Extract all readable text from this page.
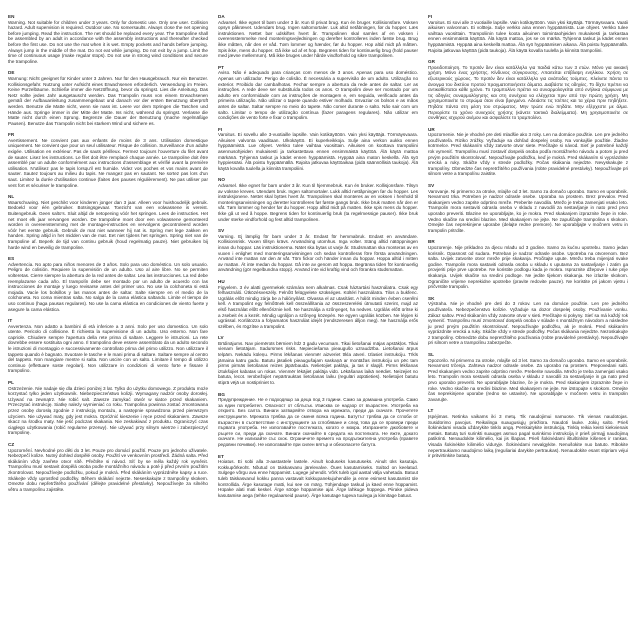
EN
Warning. Not suitable for children under 3 years. Only for domestic use. Only one user. Collision hazard. Adult supervision is required. Outdoor use. No somersaults. Always close the net opening before jumping. Read the instruction. The net should be replaced every year. The trampoline shall be assembled by an adult in accordance with the assembly instructions and thereafter checked before the first use. Do not use the mat when it is wet. Empty pockets and hands before jumping. Always jump in the middle of the mat. Do not eat while jumping. Do not exit by a jump. Limit the time of continuous usage (make regular stops). Do not use in strong wind conditions and secure the trampoline.
DE
Warnung: Nicht geeignet für Kinder unter 3 Jahren. Nur für den Hausgebrauch. Nur ein Benutzer. Kollisionsgefahr. Nutzung unter Aufsicht eines Erwachsenen erforderlich. Verwendung im Freien. Keine Purzelbäume. Schließe immer die Netzöffnung, bevor du springst. Lies die Anleitung. Das Netz sollte jedes Jahr ausgetauscht werden. Das Trampolin muss von einem Erwachsenen gemäß der Aufbauanleitung zusammengebaut und danach vor der ersten Benutzung überprüft werden. Benutze die Matte nicht, wenn sie nass ist. Leere vor dem Springen die Taschen und Hände aus. Springe immer in der Mitte der Matte. Iss nicht, während du springst. Verlasse die Matte nicht durch einen Sprung. Begrenze die Dauer der Benutzung (mache regelmäßige Pausen). Benutze das Trampolin nicht bei starkem Wind und sichere es.
FR
Avertissement. Ne convient pas aux enfants de moins de 3 ans. Utilisation domestique uniquement. Ne convient que pour un seul utilisateur. Risque de collision. Surveillance d'un adulte exigée. Utilisation en extérieur. Pas de sauts périlleux. Fermez toujours l'ouverture du filet avant de sauter. Lisez les instructions. Le filet doit être remplacé chaque année. Le trampoline doit être assemblé par un adulte conformément aux instructions d'assemblage et vérifié avant la première utilisation. N'utilisez pas le tapis lorsqu'il est humide. Videz vos poches et vos mains avant de sauter. Sautez toujours au milieu du tapis. Ne mangez pas en sautant. Ne sortez pas lors d'un saut. Limitez la durée d'utilisation continue (faites des pauses régulièrement). Ne pas utiliser par vent fort et sécuriser le trampoline.
NL
Waarschuwing. Niet geschikt voor kinderen jonger dan 3 jaar. Alleen voor huishoudelijk gebruik. Bedoeld voor één gebruiker. Botsingsgevaar. Toezicht van een volwassene is vereist. Buitengebruik. Geen salto's. Sluit altijd de netopening vóór het springen. Lees de instructies. Het net moet elk jaar vervangen worden. De trampoline moet door een volwassene gemonteerd worden in overeenstemming met de montage-instructies en vervolgens gecontroleerd worden vóór het eerste gebruik. Gebruik de mat niet wanneer hij nat is. Spring met lege zakken en handen. Spring altijd in het midden van de mat. Eet niet tijdens het springen. Spring niet van de trampoline af. Beperk de tijd van continu gebruik (houd regelmatig pauze). Niet gebruiken bij harde wind en beveilig de trampoline.
ES
Advertencia. No apto para niños menores de 3 años. Solo para uso doméstico. Un solo usuario. Peligro de colisión. Requiere la supervisión de un adulto. Uso al aire libre. No se permiten volteretas. Cierre siempre la abertura de la red antes de saltar. Lea las instrucciones. La red debe reemplazarse cada año. El trampolín debe ser montado por un adulto de acuerdo con las instrucciones de montaje y luego revisarse antes del primer uso. No use la colchoneta si está mojada. Vacíe los bolsillos y las manos antes de saltar. Salte siempre en el medio de la colchoneta. No coma mientras salta. No salga de la cama elástica saltando. Limite el tiempo de uso continuo (haga pausas regulares). No use la cama elástica en condiciones de viento fuerte y asegure la cama elástica.
IT
Avvertenza. Non adatto a bambini di età inferiore a 3 anni. Solo per uso domestico. Un solo utente. Pericolo di collisione. È richiesta la supervisione di un adulto. Uso esterno. Non fare capriole. Chiudere sempre l'apertura della rete prima di saltare. Leggere le istruzioni. La rete dovrebbe essere sostituita ogni anno. Il trampolino deve essere assemblato da un adulto secondo le istruzioni di montaggio e successivamente controllato prima del primo utilizzo. Non utilizzare il tappeto quando è bagnato. Svuotare le tasche e le mani prima di saltare. Saltare sempre al centro del tappeto. Non mangiare mentre si salta. Non uscire con un salto. Limitare il tempo di utilizzo continuo (effettuare soste regolari). Non utilizzare in condizioni di vento forte e fissare il trampolino.
PL
Ostrzeżenie. Nie nadaje się dla dzieci poniżej 3 lat. Tylko do użytku domowego. Z produktu może korzystać tylko jeden użytkownik. Niebezpieczeństwo kolizji. Wymagany nadzór osoby dorosłej. Używać na zewnątrz. Nie robić salt. Zawsze zamykać otwór w siatce przed skakaniem. Przeczytać instrukcję. Siatkę należy wymieniać co roku. Trampolina powinna zostać zmontowana przez osobę dorosłą zgodnie z instrukcją montażu, a następnie sprawdzona przed pierwszym użyciem. Nie używać maty, gdy jest mokra. Opróżnić kieszenie i ręce przed skakaniem. Zawsze skacz na środku maty. Nie jeść podczas skakania. Nie zeskakiwać z produktu. Ograniczyć czas ciągłego użytkowania (robić regularne przerwy). Nie używać przy silnym wietrze i zabezpieczyć trampolinę.
CZ
Upozornění. Nevhodné pro děti do 3 let. Pouze pro domácí použití. Pouze pro jednoho uživatele. Nebezpečí kolize. Nutný dohled dospělé osoby. Použití ve venkovním prostředí. Žádná salta. Před skákáním vždy zavřete otvor sítě. Přečtěte si návod. Síť by se měla každý rok vyměnit. Trampolínu musí sestavit dospělá osoba podle montážního návodu a poté ji před prvním použitím zkontrolovat. Nepoužívejte podložku, pokud je mokrá. Před skákáním vyprázdněte kapsy a ruce. Skákejte vždy uprostřed podložky. Během skákání nejezte. Neseskakujte z trampolíny skokem. Omezte dobu nepřetržitého používání (dělejte pravidelné přestávky). Nepoužívejte za silného větru a trampolínu zajistěte.
DA
Advarsel. Ikke egnet til børn under 3 år. Kun til privat brug. Kun én bruger. Kollisionsfare. Voksen opsyn påkrævet. Udendørs brug. Ingen saltomortaler. Luk altid netåbningen, før du hopper. Læs instruktionen. Nettet bør udskiftes hvert år. Trampolinen skal samles af en voksen i overensstemmelse med monteringsvejledningen og derefter kontrolleres inden første brug. Brug ikke måtten, når den er våd. Tøm lommer og hænder, før du hopper. Hop altid midt på måtten. Spis ikke, mens du hopper. Gå ikke ud af et hop. Begræns tiden for kontinuerlig brug (hold pauser med jævne mellemrum). Må ikke bruges under hårde vindforhold og sikre trampolinen.
PT
Aviso. Não é adequado para crianças com menos de 3 anos. Apenas para uso doméstico. Apenas um utilizador. Perigo de colisão. É necessária a supervisão de um adulto. Utilização no exterior. Proibido dar cambalhotas. Fechar sempre a abertura da rede antes de saltar. Ler as instruções. A rede deve ser substituída todos os anos. O trampolim deve ser montado por um adulto em conformidade com as instruções de montagem e, em seguida, verificado antes da primeira utilização. Não utilizar o tapete quando estiver molhado. Esvaziar os bolsos e as mãos antes de saltar. Saltar sempre no meio do tapete. Não comer durante o salto. Não sair com um salto. Limitar o tempo de utilização contínua (fazer paragens regulares). Não utilizar em condições de vento forte e fixar o trampolim.
FI
Varoitus. Ei sovellu alle 3-vuotiaille lapsille. Vain kotikäyttöön. Vain yksi käyttäjä. Törmäysvaara. Aikuisen valvonta vaaditaan. Ulkokäyttö. Ei kuperkeikkoja. Sulje aina verkon aukko ennen hyppäämistä. Lue ohjeet. Verkko tulee vaihtaa vuosittain. Aikuisen on koottava trampoliini asennusohjeiden mukaisesti ja tarkastettava ennen ensimmäistä käyttöä. Älä käytä mattoa märkänä. Tyhjennä taskut ja kädet ennen hyppäämistä. Hyppää aina maton keskellä. Älä syö hyppiessäsi. Älä poistu hyppäämällä. Rajoita jatkuvaa käyttöaikaa (pidä säännöllisiä taukoja). Älä käytä kovalla tuulella ja kiinnitä trampoliini.
NO
Advarsel. Ikke egnet for barn under 3 år. Kun til hjemmebruk. Kun én bruker. Kollisjonsfare. Tilsyn av voksne kreves. Utendørs bruk. Ingen saltomortaler. Lukk alltid nettåpningen før du hopper. Les instruksjonene. Nettet skal byttes hvert år. Trampolinen skal monteres av en voksen i henhold til monteringsanvisningen og deretter kontrolleres før første gangs bruk. Ikke bruk matten når den er våt. Tøm lommer og hender før du hopper. Hopp alltid midt på matten. Ikke spis mens du hopper. Ikke gå ut ved å hoppe. Begrens tiden for kontinuerlig bruk (ta regelmessige pauser). Ikke bruk under sterke vindforhold og fest alltid trampolinen.
SV
Varning. Ej lämplig för barn under 3 år. Endast för hemmabruk. Endast en användare. Kollisionsrisk. Vuxen tillsyn krävs. Användning utomhus. Inga volter. Stäng alltid nätöppningen innan du hoppar. Läs instruktionerna. Nätet ska bytas ut varje år. Studsmattan ska monteras av en vuxen i enlighet med monteringsanvisningen och sedan kontrolleras före första användningen. Använd inte mattan när den är våt. Töm fickor och händer innan du hoppar. Hoppa alltid i mitten av mattan. Ät inte medan du hoppar. Gå inte av genom att hoppa. Begränsa tiden för kontinuerlig användning (gör regelbundna stopp). Använd inte vid kraftig vind och förankra studsmattan.
HU
Figyelem. 3 év alatti gyermekek számára nem alkalmas. Csak háztartási használatra. Csak egy felhasználó. Ütközésveszély. Felnőtt felügyelete szükséges. Kültéri használatra. Tilos a bukfenc. Ugrálás előtt mindig zárja be a hálónyílást. Olvassa el az utasítást. A hálót minden évben cserélni kell. A trampolint egy felnőttnek kell összeállítania az összeszerelési útmutató szerint, majd az első használat előtt ellenőriznie kell. Ne használja a szőnyeget, ha nedves. Ugrálás előtt ürítse ki a zsebeit és a kezét. Mindig ugráljon a szőnyeg közepén. Ne egyen ugrálás közben. Ne lépjen ki ugrással. Korlátozza a folyamatos használat idejét (rendszeresen álljon meg). Ne használja erős szélben, és rögzítse a trampolint.
LV
Brīdinājums. Nav piemērots bērniem līdz 3 gadu vecumam. Tikai lietošanai mājas apstākļos. Tikai vienam lietotājam. Sadursmes risks. Nepieciešama pieaugušo uzraudzība. Lietošanai ārpus telpām. Nekādu kūleņu. Pirms lēkšanas vienmēr aizveriet tīkla atveri. Izlasiet instrukciju. Tīkls jāmaina katru gadu. Batutu jāsaliek pieaugušajam saskaņā ar montāžas instrukciju un pēc tam pirms pirmās lietošanas reizes jāpārbauda. Nelietojiet paklāju, ja tas ir slapjš. Pirms lēkšanas iztukšojiet kabatas un rokas. Vienmēr lēkājiet paklāja vidū. Lēkāšanas laikā neēdiet. Neizejiet no batuta, lecot. Ierobežojiet nepārtrauktas lietošanas laiku (regulāri atpūtieties). Nelietojiet batutu stiprā vējā un nostipriniet to.
BG
Предупреждение. Не е подходящо за деца под 3 години. Само за домашна употреба. Само за един потребител. Опасност от сблъсък. Изисква се надзор от възрастен. Употреба на открито. Без салта. Винаги затваряйте отвора на мрежата, преди да скачате. Прочетете инструкциите. Мрежата трябва да се сменя всяка година. Батутът трябва да се сглоби от възрастен в съответствие с инструкциите за сглобяване и след това да се провери преди първата употреба. Не използвайте постелката, когато е мокра. Изпразнете джобовете и ръцете си, преди да скачате. Винаги скачайте в средата на постелката. Не яжте, докато скачате. Не излизайте със скок. Ограничете времето на продължителна употреба (правете редовни почивки). Не използвайте при силен вятър и обезопасете батута.
ET
Hoiatus. Ei sobi alla 3-aastastele lastele. Ainult koduseks kasutuseks. Ainult üks kasutaja. Kokkupõrkeoht. Nõutud on täiskasvanu järelevalve. Õues kasutamiseks. Saltod on keelatud. Sulgege võrgu ava enne hüppamist. Lugege juhendit. Võrk tuleb igal aastal välja vahetada. Batuut tuleb täiskasvanul kokku panna vastavalt kokkupanekujuhendile ja enne esimest kasutamist üle kontrollida. Ärge kasutage matti, kui see on märg. Tühjendage taskud ja käed enne hüppamist. Hüpake alati mati keskel. Ärge sööge hüppamise ajal. Ärge lahkuge hüppega. Piirake pideva kasutamise aega (tehke regulaarseid pause). Ärge kasutage tugeva tuulega ja kinnitage batuut.
FI
Varoitus. Ei sovi alle 3 vuotiaille lapsille. Vain kotikäyttöön. Vain yksi käyttäjä. Törmäysvaara. Vaatii aikuisen valvonnan. Ei voltteja. Sulje verkko aina ennen hyppäämistä. Lue ohjeet. Verkko tulee vaihtaa vuosittain. Trampoliinin tulee koota aikuinen toimintaohjeiden mukaisesti ja tarkastaa ennen ensimmäistä käyttöä. Älä käytä mattoa, jos se on märkä. Tyhjennä taskut ja kädet ennen hyppäämistä. Hyppää aina keskellä mattoa. Älä syö hyppäämisen aikana. Älä poistu hyppäämällä. Rajoita jatkuvaa käyttöä (pidä taukoja). Älä käytä kovalla tuulella ja kiinnitä trampoliini.
GR
Προειδοποίηση. Το προϊόν δεν είναι κατάλληλο για παιδιά κάτω των 3 ετών. Μόνο για οικιακή χρήση. Μόνο ένας χρήστης. Κίνδυνος σύγκρουσης. Απαιτείται επίβλεψη ενηλίκου. Χρήση σε εξωτερικούς χώρους. Το προϊόν δεν είναι κατάλληλο για ανάποδες τούμπες. Κλείνετε πάντα το άνοιγμα του δικτύου προτού πραγματοποιήσετε άλματα. Διαβάστε τις οδηγίες. Το δίχτυ πρέπει να αντικαθίσταται κάθε χρόνο. Το τραμπολίνο πρέπει να συναρμολογείται από ενήλικα σύμφωνα με τις οδηγίες συναρμολόγησης και στη συνέχεια να ελέγχεται πριν από την πρώτη χρήση. Μη χρησιμοποιείτε το στρώμα όταν είναι βρεγμένο. Αδειάστε τις τσέπες και τα χέρια πριν πηδήξετε. Πηδάτε πάντα στη μέση του στρώματος. Μην τρώτε ενώ πηδάτε. Μην εξέρχεστε με άλμα. Περιορίστε το χρόνο συνεχούς χρήσης (κάνετε τακτικά διαλείμματα). Μη χρησιμοποιείτε σε συνθήκες ισχυρού ανέμου και ασφαλίστε το τραμπολίνο.
UR
Upozornenie. Nie je vhodné pre deti mladšie ako 3 roky. Len na domáce použitie. Len pre jedného používateľa. Riziko zrážky. Vyžaduje sa dohľad dospelej osoby. Na vonkajšie použitie. Žiadne kotrmelce. Pred skákaním vždy zatvorte otvor siete. Prečítajte si návod. Sieť je potrebné každý rok vymeniť. Trampolínu musí zostaviť dospelá osoba podľa montážneho návodu a potom ju pred prvým použitím skontrolovať. Nepoužívajte podložku, keď je mokrá. Pred skákaním si vyprázdnite vrecká a ruky. Skáčte vždy v strede podložky. Počas skákania nejedzte. Nevyskakujte z trampolíny. Obmedzte čas nepretržitého používania (robte pravidelné prestávky). Nepoužívajte pri silnom vetre a trampolínu zaistite.
SV
Varovanje. Ni primerno za otroke, mlajše od 3 let. Samo za domačo uporabo. Samo en uporabnik. Nevarnost trka. Potreben je nadzor odrasle osebe. Uporaba na prostem. Brez prevalov. Pred skakanjem vedno zaprite odprtino mreže. Preberite navodila. Mrežo je treba zamenjati vsako leto. Trampolin mora sestaviti odrasla oseba v skladu z navodili za sestavljanje in nato pred prvo uporabo preveriti. Blazine ne uporabljajte, ko je mokra. Pred skakanjem izpraznite žepe in roke. Vedno skačite na sredini blazine. Med skakanjem ne jejte. Ne zapuščajte trampolina s skokom. Omejite čas neprekinjene uporabe (delajte redne premore). Ne uporabljajte v močnem vetru in trampolin pritrdite.
BR
Upozorenje. Nije prikladno za djecu mlađu od 3 godine. Samo za kućnu upotrebu. Samo jedan korisnik. Opasnost od sudara. Potreban je nadzor odrasle osobe. Upotreba na otvorenom. Bez salta. Uvijek zatvorite otvor mreže prije skakanja. Pročitajte upute. Mrežu treba mijenjati svake godine. Trampolin mora sastaviti odrasla osoba u skladu s uputama za sastavljanje i zatim ga provjeriti prije prve upotrebe. Ne koristite podlogu kada je mokra. Ispraznite džepove i ruke prije skakanja. Uvijek skačite na sredini podloge. Ne jedite tijekom skakanja. Ne izlazite skokom. Ograničite vrijeme neprekidne upotrebe (pravite redovite pauze). Ne koristite pri jakom vjetru i pričvrstite trampolin.
SK
Výstraha. Nie je vhodné pre deti do 3 rokov. Len na domáce použitie. Len pre jedného používateľa. Nebezpečenstvo kolízie. Vyžaduje sa dozor dospelej osoby. Používanie vonku. Zákaz saltov. Pred skákaním vždy zatvorte otvor v sieti. Prečítajte si pokyny. Sieť sa má každý rok vymeniť. Trampolínu musí zmontovať dospelá osoba v súlade s montážnym návodom a následne ju pred prvým použitím skontrolovať. Nepoužívajte podložku, ak je mokrá. Pred skákaním vyprázdnite vrecká a ruky. Skáčte vždy v strede podložky. Počas skákania nejedzte. Nezoskakujte z trampolíny. Obmedzte dobu nepretržitého používania (robte pravidelné prestávky). Nepoužívajte pri silnom vetre a trampolínu zabezpečte.
SL
Opozorilo. Ni primerno za otroke, mlajše od 3 let. Samo za domačo uporabo. Samo en uporabnik. Nevarnost trčenja. Zahteva nadzor odrasle osebe. Za uporabo na prostem. Prepovedani salti. Pred skakanjem vedno zaprite odprtino mreže. Preberite navodila. Mrežo je treba zamenjati vsako leto. Trampolin mora sestaviti odrasla oseba v skladu z navodili za sestavljanje in ga nato pred prvo uporabo preveriti. Ne uporabljajte blazine, če je mokra. Pred skakanjem izpraznite žepe in roke. Vedno skačite na sredini blazine. Med skakanjem ne jejte. Ne izstopajte s skokom. Omejite čas neprekinjene uporabe (redno se ustavite). Ne uporabljajte v močnem vetru in trampolin zavarujte.
LT
Įspėjimas. Netinka vaikams iki 3 metų. Tik naudojimui namuose. Tik vienas naudotojas. Susidūrimo pavojus. Reikalinga suaugusiųjų priežiūra. Naudoti lauke. Jokių salto. Prieš šokinėdami visada uždarykite tinklo angą. Perskaitykite instrukciją. Tinklą reikia keisti kiekvienais metais. Batutą turi surinkti suaugęs asmuo pagal surinkimo instrukciją ir prieš pirmąjį naudojimą patikrinti. Nenaudokite kilimėlio, kai jis šlapias. Prieš šokinėdami ištuštinkite kišenes ir rankas. Visada šokinėkite kilimėlio viduryje. Šokinėdami nevalgykite. Nenušokite nuo batuto. Ribokite nepertraukiamo naudojimo laiką (reguliariai darykite pertraukas). Nenaudokite esant stipriam vėjui ir pritvirtinkite batutą.
